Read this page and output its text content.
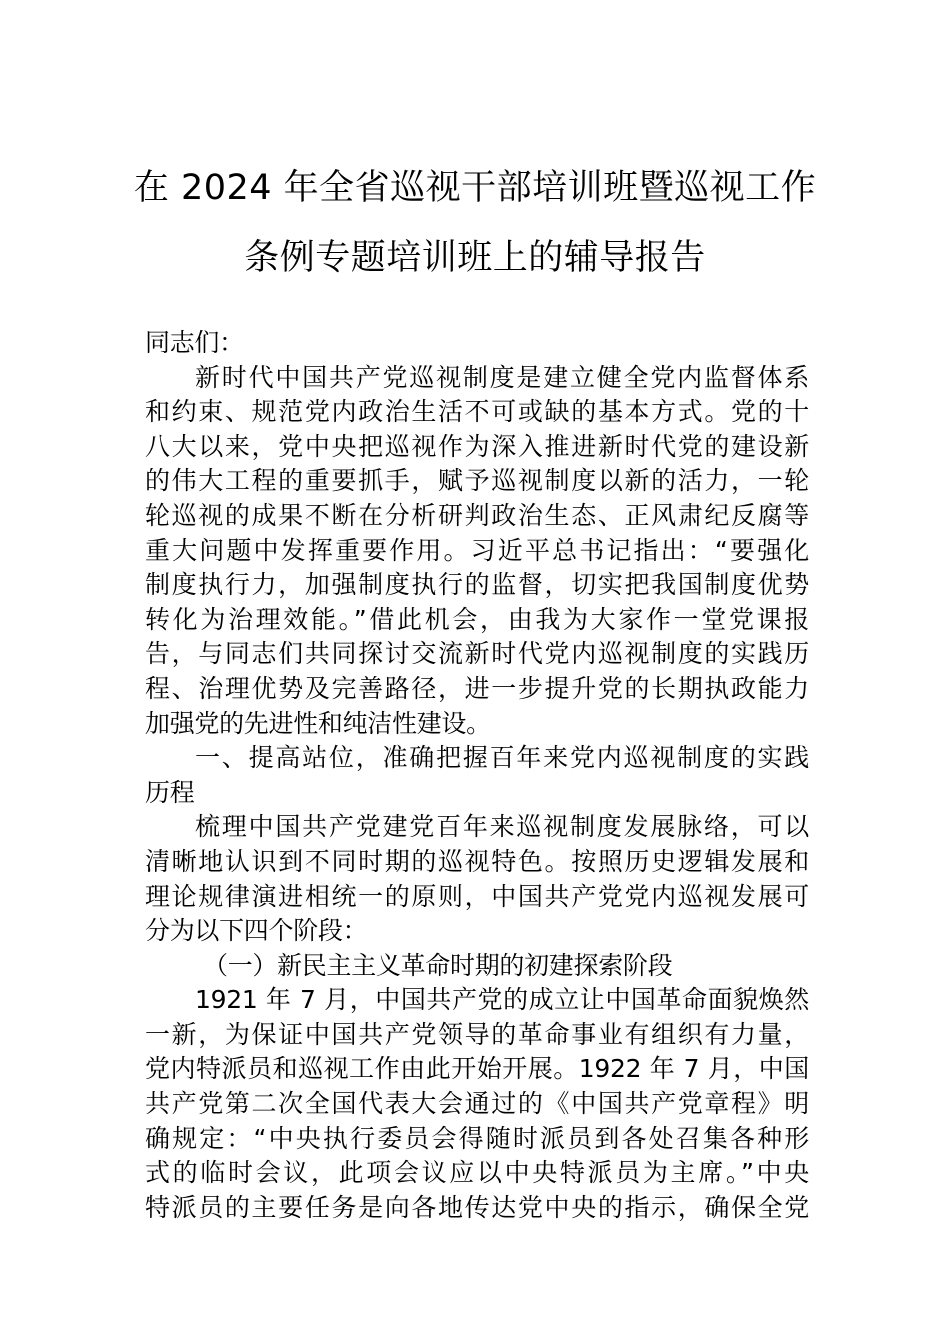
在 2024 年全省巡视干部培训班暨巡视工作
条例专题培训班上的辅导报告
同志们：
新时代中国共产党巡视制度是建立健全党内监督体系
和约束、规范党内政治生活不可或缺的基本方式。党的十
八大以来，党中央把巡视作为深入推进新时代党的建设新
的伟大工程的重要抓手，赋予巡视制度以新的活力，一轮
轮巡视的成果不断在分析研判政治生态、正风肃纪反腐等
重大问题中发挥重要作用。习近平总书记指出：“要强化
制度执行力，加强制度执行的监督，切实把我国制度优势
转化为治理效能。”借此机会，由我为大家作一堂党课报
告，与同志们共同探讨交流新时代党内巡视制度的实践历
程、治理优势及完善路径，进一步提升党的长期执政能力
加强党的先进性和纯洁性建设。
一、提高站位，准确把握百年来党内巡视制度的实践
历程
梳理中国共产党建党百年来巡视制度发展脉络，可以
清晰地认识到不同时期的巡视特色。按照历史逻辑发展和
理论规律演进相统一的原则，中国共产党党内巡视发展可
分为以下四个阶段：
（一）新民主主义革命时期的初建探索阶段
1921 年 7 月，中国共产党的成立让中国革命面貌焕然
一新，为保证中国共产党领导的革命事业有组织有力量，
党内特派员和巡视工作由此开始开展。1922 年 7 月，中国
共产党第二次全国代表大会通过的《中国共产党章程》明
确规定：“中央执行委员会得随时派员到各处召集各种形
式的临时会议，此项会议应以中央特派员为主席。”中央
特派员的主要任务是向各地传达党中央的指示，确保全党
